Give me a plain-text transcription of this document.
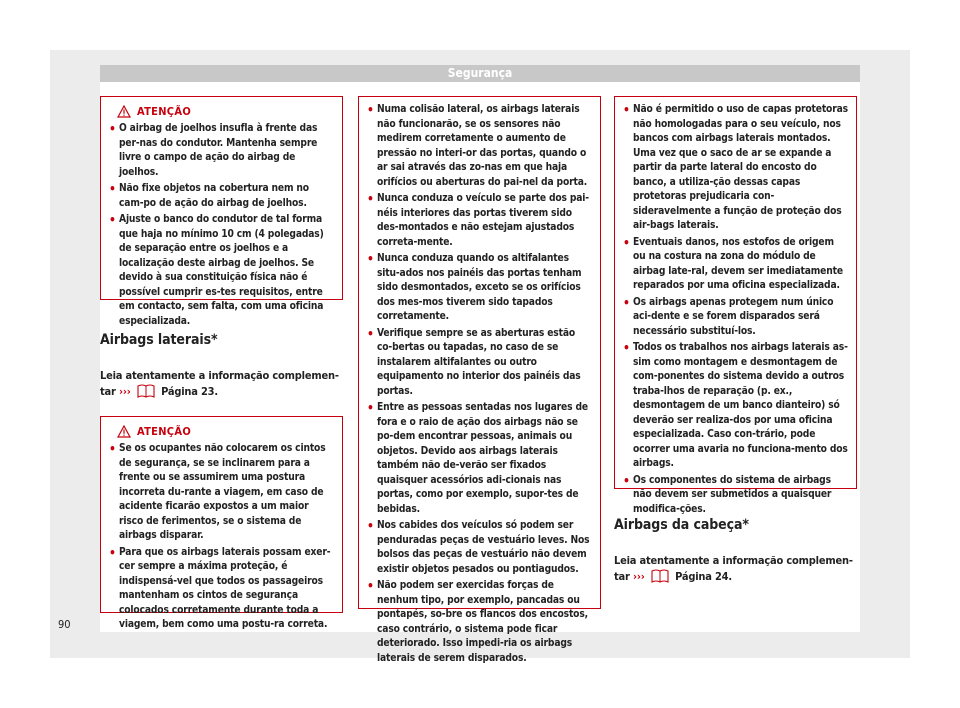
Segurança
ATENÇÃO
• O airbag de joelhos insufla à frente das per-nas do condutor. Mantenha sempre livre o campo de ação do airbag de joelhos.
• Não fixe objetos na cobertura nem no cam-po de ação do airbag de joelhos.
• Ajuste o banco do condutor de tal forma que haja no mínimo 10 cm (4 polegadas) de separação entre os joelhos e a localização deste airbag de joelhos. Se devido à sua constituição física não é possível cumprir es-tes requisitos, entre em contacto, sem falta, com uma oficina especializada.
Airbags laterais*

Leia atentamente a informação complemen-tar ›››	Página 23.

ATENÇÃO
• Se os ocupantes não colocarem os cintos de segurança, se se inclinarem para a frente ou se assumirem uma postura incorreta du-rante a viagem, em caso de acidente ficarão expostos a um maior risco de ferimentos, se o sistema de airbags disparar.
• Para que os airbags laterais possam exer-cer sempre a máxima proteção, é indispensá-vel que todos os passageiros mantenham os cintos de segurança colocados corretamente durante toda a viagem, bem como uma postu-ra correta.
• Numa colisão lateral, os airbags laterais não funcionarão, se os sensores não medirem corretamente o aumento de pressão no interi-or das portas, quando o ar sai através das zo-nas em que haja orifícios ou aberturas do pai-nel da porta.
• Nunca conduza o veículo se parte dos pai-néis interiores das portas tiverem sido des-montados e não estejam ajustados correta-mente.
• Nunca conduza quando os altifalantes situ-ados nos painéis das portas tenham sido desmontados, exceto se os orifícios dos mes-mos tiverem sido tapados corretamente.
• Verifique sempre se as aberturas estão co-bertas ou tapadas, no caso de se instalarem altifalantes ou outro equipamento no interior dos painéis das portas.
• Entre as pessoas sentadas nos lugares de fora e o raio de ação dos airbags não se po-dem encontrar pessoas, animais ou objetos. Devido aos airbags laterais também não de-verão ser fixados quaisquer acessórios adi-cionais nas portas, como por exemplo, supor-tes de bebidas.
• Nos cabides dos veículos só podem ser penduradas peças de vestuário leves. Nos bolsos das peças de vestuário não devem existir objetos pesados ou pontiagudos.
• Não podem ser exercidas forças de nenhum tipo, por exemplo, pancadas ou pontapés, so-bre os flancos dos encostos, caso contrário, o sistema pode ficar deteriorado. Isso impedi-ria os airbags laterais de serem disparados.
• Não é permitido o uso de capas protetoras não homologadas para o seu veículo, nos bancos com airbags laterais montados. Uma vez que o saco de ar se expande a partir da parte lateral do encosto do banco, a utiliza-ção dessas capas protetoras prejudicaria con-sideravelmente a função de proteção dos air-bags laterais.
• Eventuais danos, nos estofos de origem ou na costura na zona do módulo de airbag late-ral, devem ser imediatamente reparados por uma oficina especializada.
• Os airbags apenas protegem num único aci-dente e se forem disparados será necessário substituí-los.
• Todos os trabalhos nos airbags laterais as-sim como montagem e desmontagem de com-ponentes do sistema devido a outros traba-lhos de reparação (p. ex., desmontagem de um banco dianteiro) só deverão ser realiza-dos por uma oficina especializada. Caso con-trário, pode ocorrer uma avaria no funciona-mento dos airbags.
• Os componentes do sistema de airbags não devem ser submetidos a quaisquer modifica-ções.
Airbags da cabeça*

Leia atentamente a informação complemen-tar ›››	Página 24.

90
